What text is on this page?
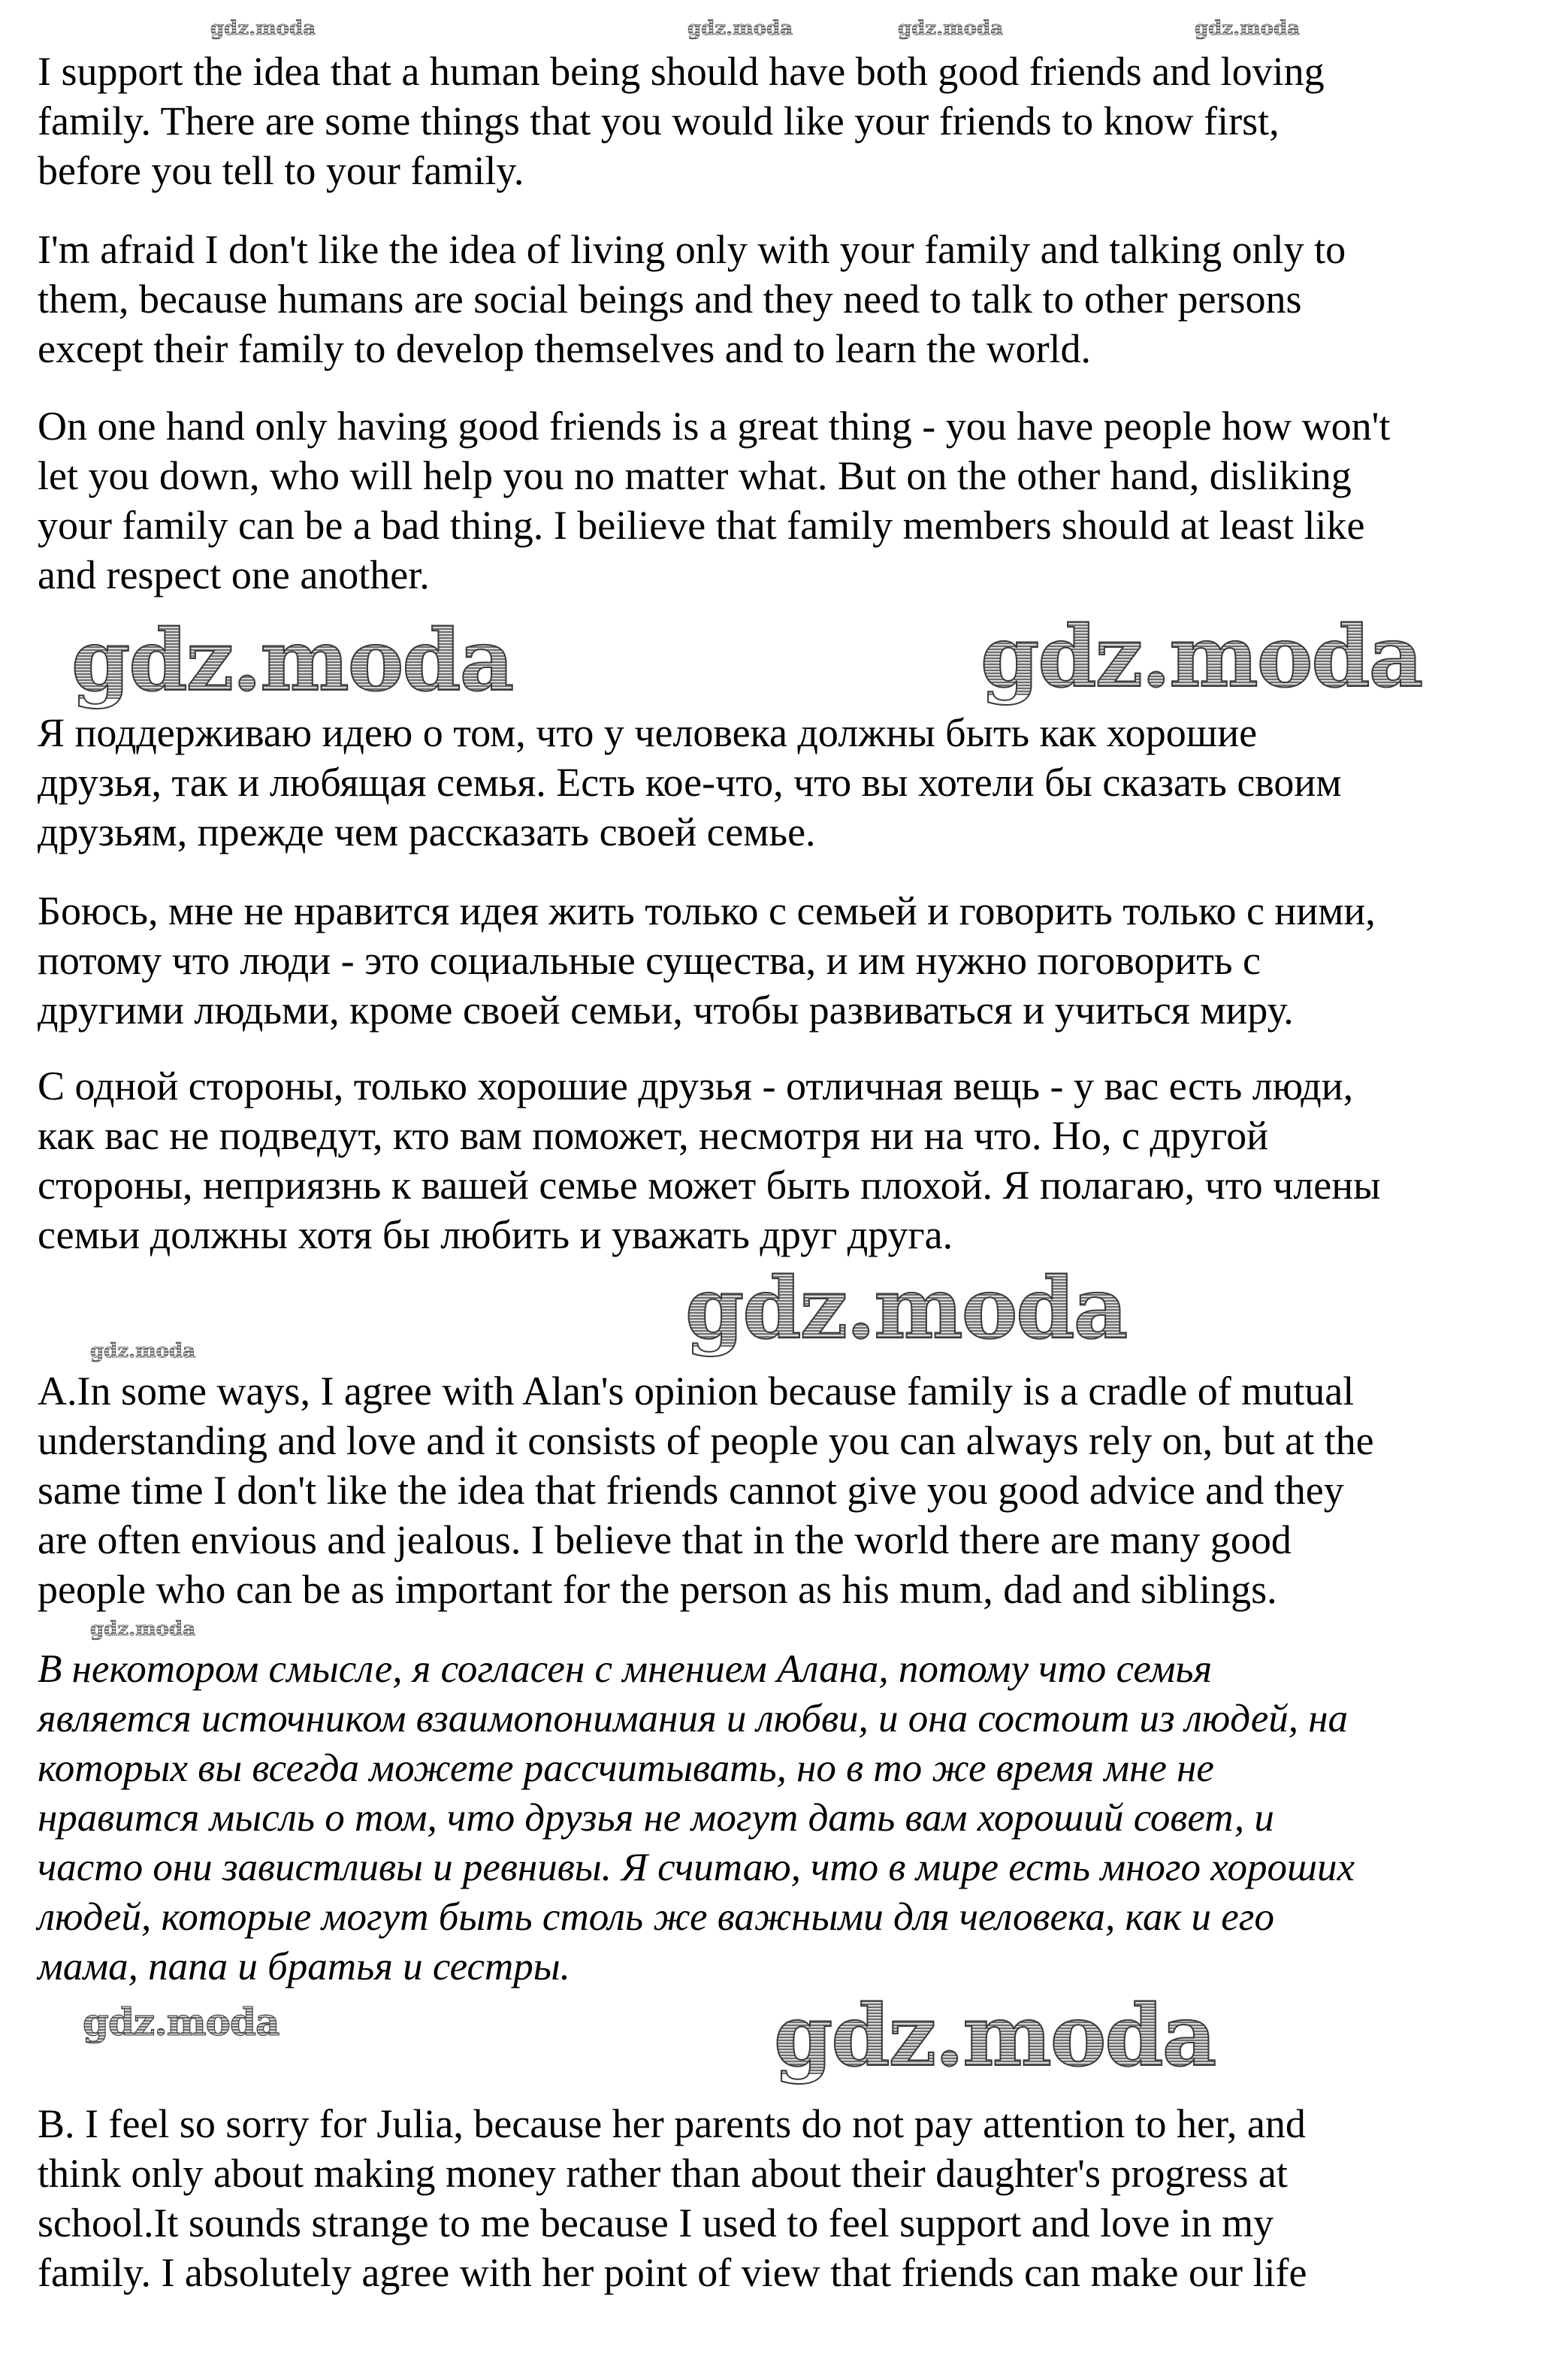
I support the idea that a human being should have both good friends and loving
family. There are some things that you would like your friends to know first,
before you tell to your family.
I'm afraid I don't like the idea of living only with your family and talking only to
them, because humans are social beings and they need to talk to other persons
except their family to develop themselves and to learn the world.
On one hand only having good friends is a great thing - you have people how won't
let you down, who will help you no matter what. But on the other hand, disliking
your family can be a bad thing. I beilieve that family members should at least like
and respect one another.
Я поддерживаю идею о том, что у человека должны быть как хорошие
друзья, так и любящая семья. Есть кое-что, что вы хотели бы сказать своим
друзьям, прежде чем рассказать своей семье.
Боюсь, мне не нравится идея жить только с семьей и говорить только с ними,
потому что люди - это социальные существа, и им нужно поговорить с
другими людьми, кроме своей семьи, чтобы развиваться и учиться миру.
С одной стороны, только хорошие друзья - отличная вещь - у вас есть люди,
как вас не подведут, кто вам поможет, несмотря ни на что. Но, с другой
стороны, неприязнь к вашей семье может быть плохой. Я полагаю, что члены
семьи должны хотя бы любить и уважать друг друга.
A.In some ways, I agree with Alan's opinion because family is a cradle of mutual
understanding and love and it consists of people you can always rely on, but at the
same time I don't like the idea that friends cannot give you good advice and they
are often envious and jealous. I believe that in the world there are many good
people who can be as important for the person as his mum, dad and siblings.
В некотором смысле, я согласен с мнением Алана, потому что семья
является источником взаимопонимания и любви, и она состоит из людей, на
которых вы всегда можете рассчитывать, но в то же время мне не
нравится мысль о том, что друзья не могут дать вам хороший совет, и
часто они завистливы и ревнивы. Я считаю, что в мире есть много хороших
людей, которые могут быть столь же важными для человека, как и его
мама, папа и братья и сестры.
B. I feel so sorry for Julia, because her parents do not pay attention to her, and
think only about making money rather than about their daughter's progress at
school.It sounds strange to me because I used to feel support and love in my
family. I absolutely agree with her point of view that friends can make our life
gdz.moda	gdz.moda	gdz.moda	gdz.moda
gdz.moda	gdz.moda
gdz.moda
gdz.moda
gdz.moda
gdz.moda
gdz.moda
